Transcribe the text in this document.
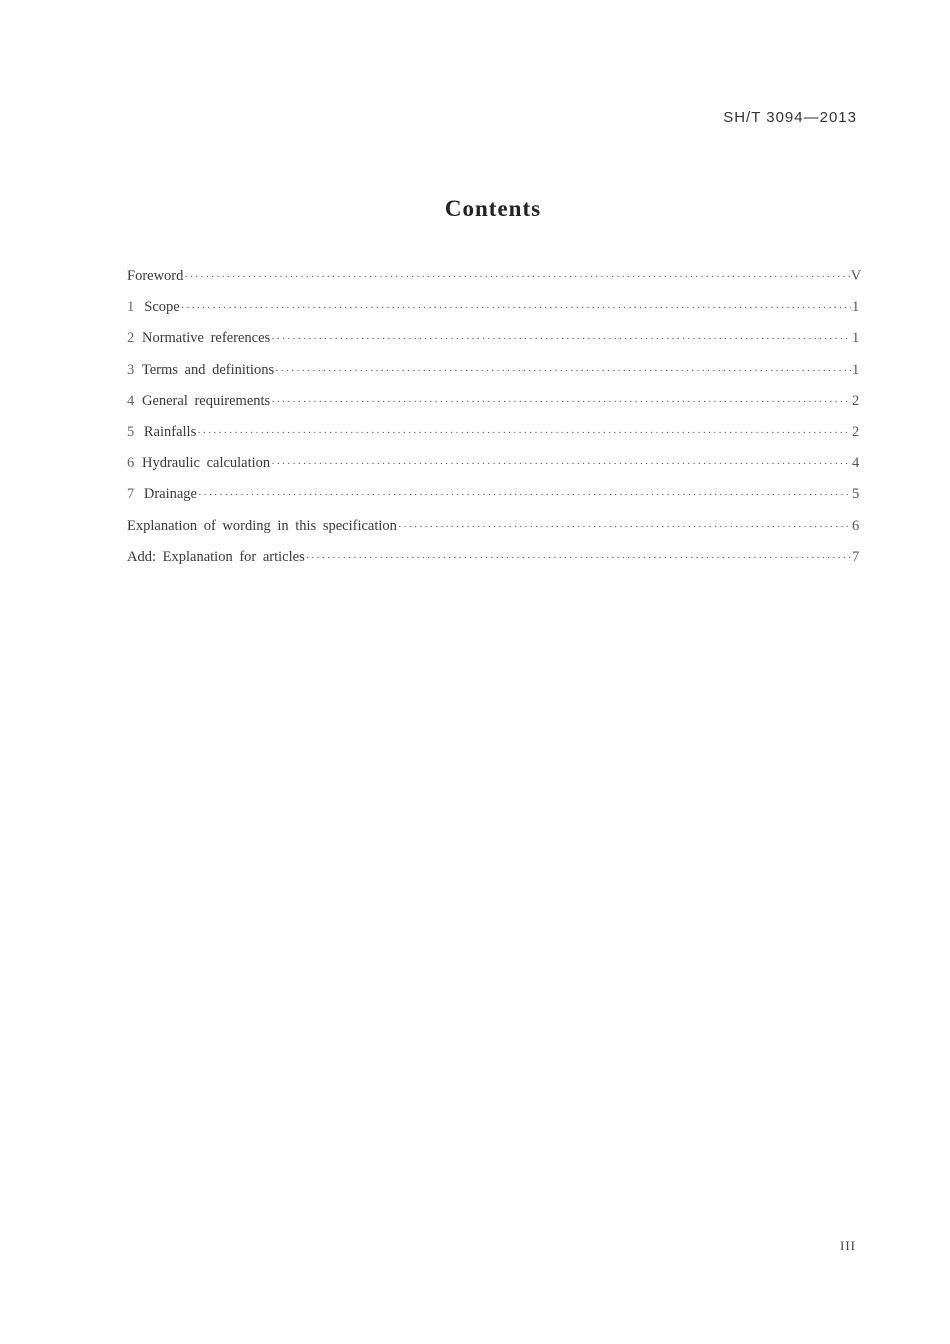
SH/T 3094—2013
Contents
Foreword ·····	V
1 Scope ·····	1
2 Normative references ·····	1
3 Terms and definitions ·····	1
4 General requirements ·····	2
5 Rainfalls ·····	2
6 Hydraulic calculation ·····	4
7 Drainage ·····	5
Explanation of wording in this specification ·····	6
Add: Explanation for articles ·····	7
III
